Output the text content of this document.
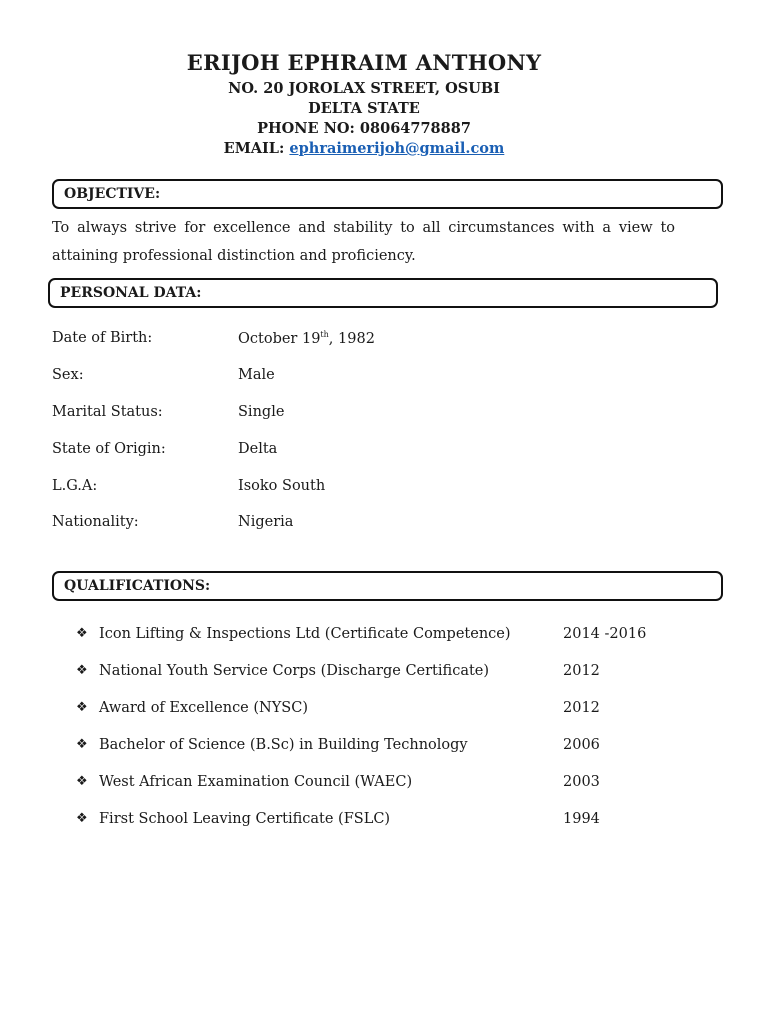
ERIJOH EPHRAIM ANTHONY
NO. 20 JOROLAX STREET, OSUBI
DELTA STATE
PHONE NO: 08064778887
EMAIL: ephraimerijoh@gmail.com
OBJECTIVE:
To always strive for excellence and stability to all circumstances with a view to attaining professional distinction and proficiency.
PERSONAL DATA:
Date of Birth:	October 19th, 1982
Sex:	Male
Marital Status:	Single
State of Origin:	Delta
L.G.A:	Isoko South
Nationality:	Nigeria
QUALIFICATIONS:
❖ Icon Lifting & Inspections Ltd (Certificate Competence)	2014 -2016
❖ National Youth Service Corps (Discharge Certificate)	2012
❖ Award of Excellence (NYSC)	2012
❖ Bachelor of Science (B.Sc) in Building Technology	2006
❖ West African Examination Council (WAEC)	2003
❖ First School Leaving Certificate (FSLC)	1994
